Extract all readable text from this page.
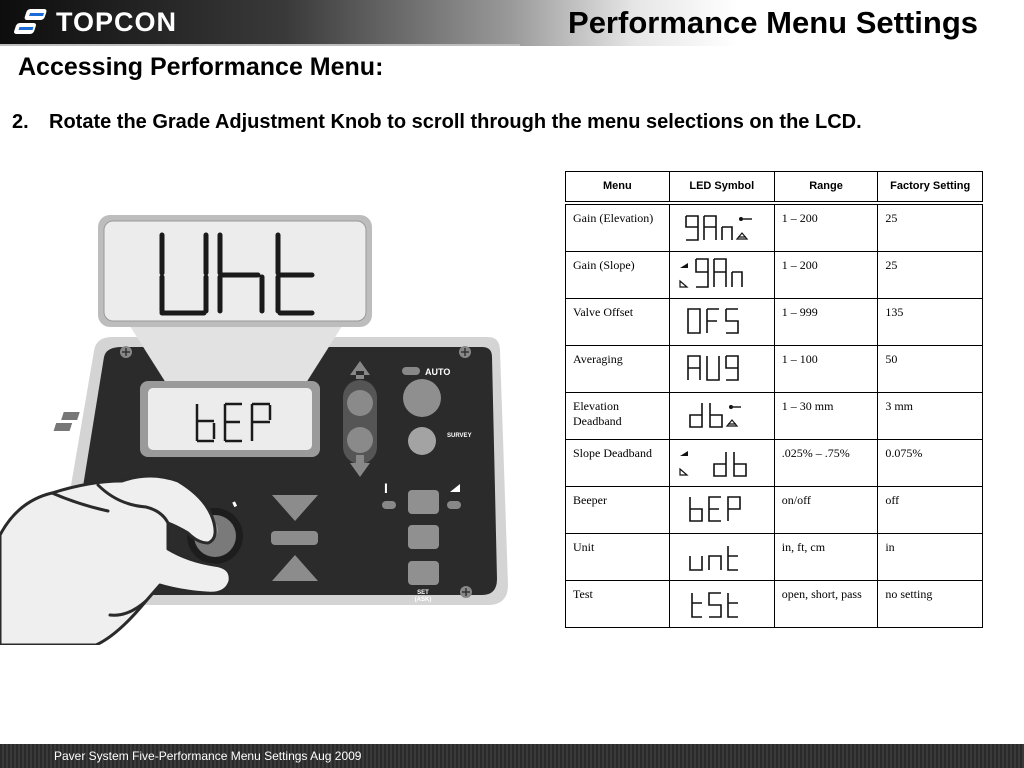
TOPCON	Performance Menu Settings
Accessing Performance Menu:
2.	Rotate the Grade Adjustment Knob to scroll through the menu selections on the LCD.
AUTO
SURVEY
I
SET
(ASK)
Menu	LED Symbol	Range	Factory Setting
Gain (Elevation)		1 – 200	25
Gain (Slope)		1 – 200	25
Valve Offset		1 – 999	135
Averaging		1 – 100	50
Elevation Deadband		1 – 30 mm	3 mm
Slope Deadband		.025% – .75%	0.075%
Beeper		on/off	off
Unit		in, ft, cm	in
Test		open, short, pass	no setting
Paver System Five-Performance Menu Settings Aug 2009
